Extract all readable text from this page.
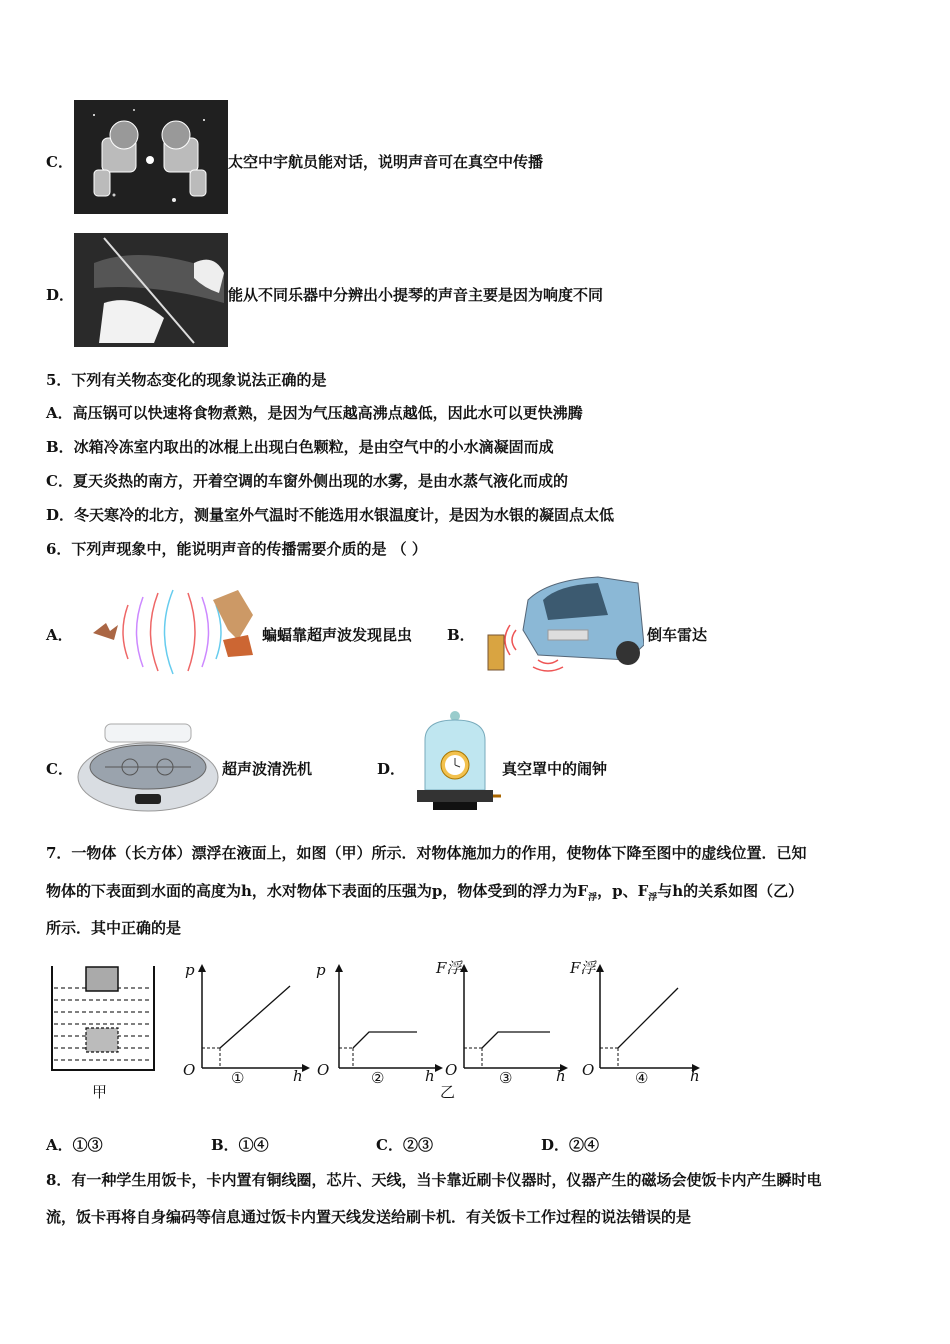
C．	太空中宇航员能对话，说明声音可在真空中传播
D．	能从不同乐器中分辨出小提琴的声音主要是因为响度不同
5．下列有关物态变化的现象说法正确的是
A．高压锅可以快速将食物煮熟，是因为气压越高沸点越低，因此水可以更快沸腾
B．冰箱冷冻室内取出的冰棍上出现白色颗粒，是由空气中的小水滴凝固而成
C．夏天炎热的南方，开着空调的车窗外侧出现的水雾，是由水蒸气液化而成的
D．冬天寒冷的北方，测量室外气温时不能选用水银温度计，是因为水银的凝固点太低
6．下列声现象中，能说明声音的传播需要介质的是 （ ）
A．	蝙蝠靠超声波发现昆虫 B．	倒车雷达
C．	超声波清洗机	D．	真空罩中的闹钟
7．一物体（长方体）漂浮在液面上，如图（甲）所示．对物体施加力的作用，使物体下降至图中的虚线位置．已知
物体的下表面到水面的高度为h，水对物体下表面的压强为p，物体受到的浮力为$F_浮$，p、$F_浮$与h的关系如图（乙）
所示．其中正确的是
甲
p
O	h
①
p
O	h
②
乙
F浮
O	h
③
F浮
O	h
④
A．①③	B．①④	C．②③	D．②④
8．有一种学生用饭卡，卡内置有铜线圈，芯片、天线，当卡靠近刷卡仪器时，仪器产生的磁场会使饭卡内产生瞬时电
流，饭卡再将自身编码等信息通过饭卡内置天线发送给刷卡机．有关饭卡工作过程的说法错误的是
